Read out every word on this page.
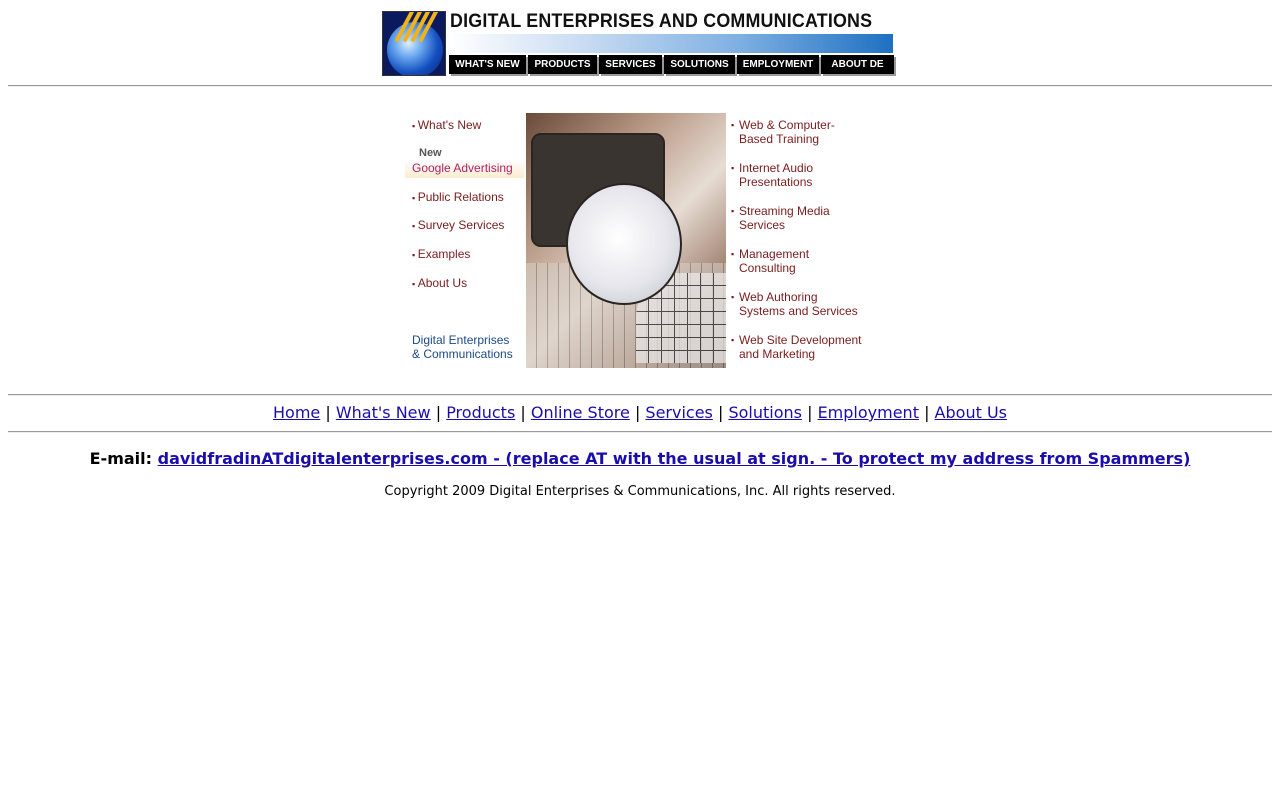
DIGITAL ENTERPRISES AND COMMUNICATIONS
WHAT'S NEW	PRODUCTS	SERVICES	SOLUTIONS	EMPLOYMENT	ABOUT DE
▪ What's New
New
Google Advertising
▪ Public Relations
▪ Survey Services
▪ Examples
▪ About Us
Digital Enterprises
& Communications
▪ Web & Computer-
Based Training
▪ Internet Audio
Presentations
▪ Streaming Media
Services
▪ Management
Consulting
▪ Web Authoring
Systems and Services
▪ Web Site Development
and Marketing
Home | What's New | Products | Online Store | Services | Solutions | Employment | About Us
E-mail: davidfradinATdigitalenterprises.com - (replace AT with the usual at sign. - To protect my address from Spammers)
Copyright 2009 Digital Enterprises & Communications, Inc. All rights reserved.
